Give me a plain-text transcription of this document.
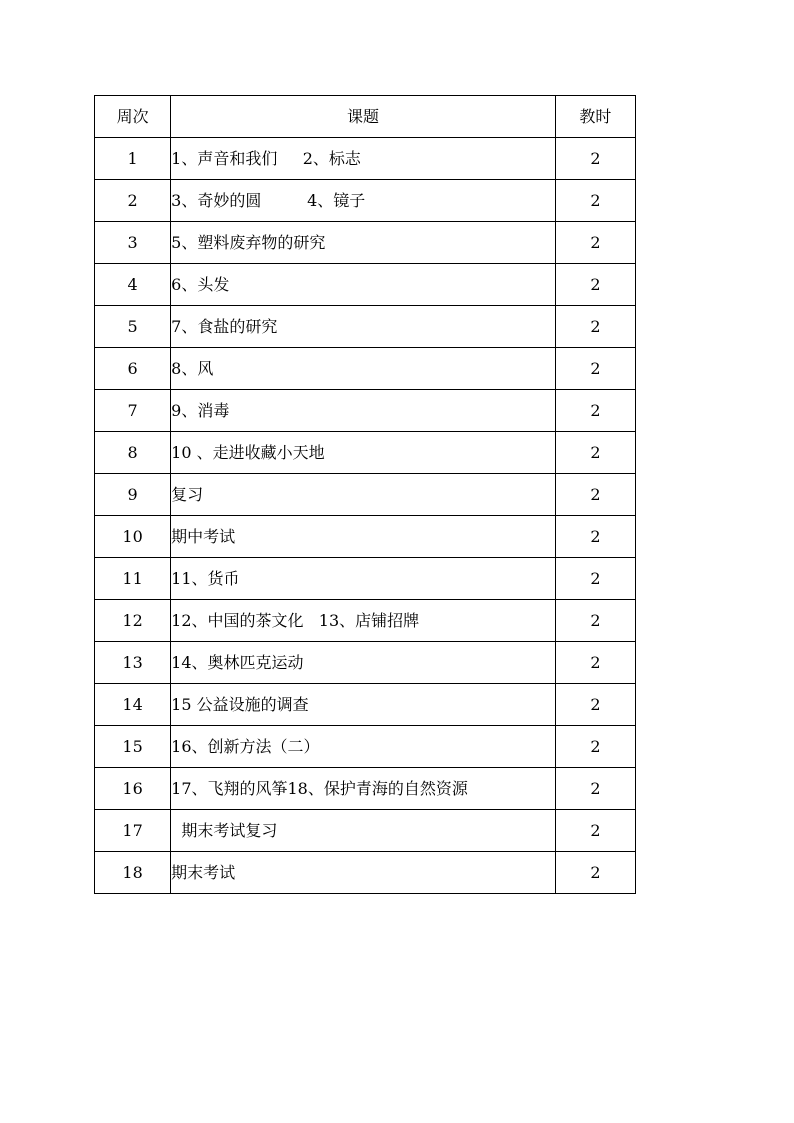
周次	课题	教时
1	1、声音和我们     2、标志	2
2	3、奇妙的圆         4、镜子	2
3	5、塑料废弃物的研究	2
4	6、头发	2
5	7、食盐的研究	2
6	8、风	2
7	9、消毒	2
8	10 、走进收藏小天地	2
9	复习	2
10	期中考试	2
11	11、货币	2
12	12、中国的茶文化   13、店铺招牌	2
13	14、奥林匹克运动	2
14	15 公益设施的调查	2
15	16、创新方法（二）	2
16	17、飞翔的风筝18、保护青海的自然资源	2
17	期末考试复习	2
18	期末考试	2
